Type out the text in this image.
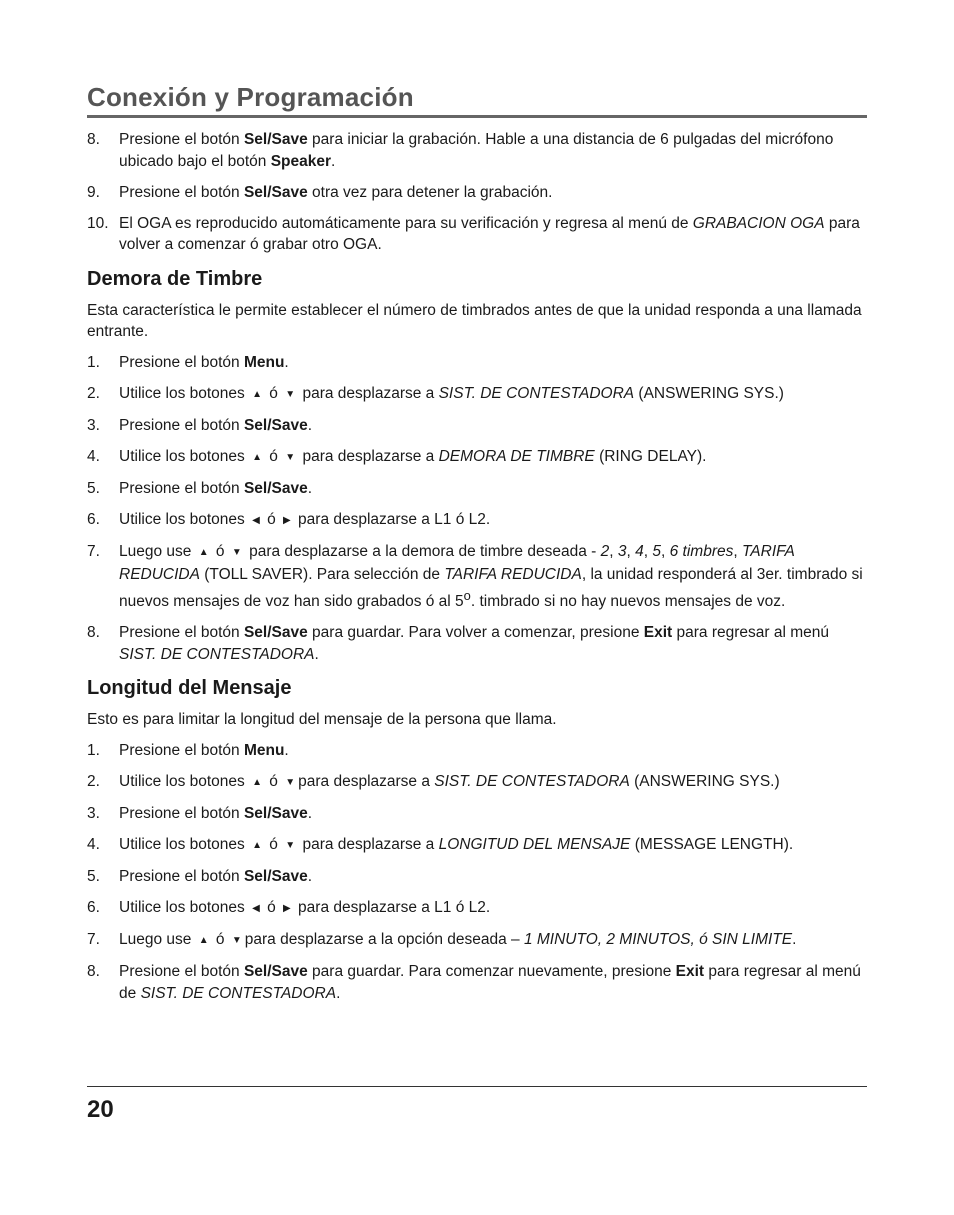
Conexión y Programación
8. Presione el botón Sel/Save para iniciar la grabación. Hable a una distancia de 6 pulgadas del micrófono ubicado bajo el botón Speaker.
9. Presione el botón Sel/Save otra vez para detener la grabación.
10. El OGA es reproducido automáticamente para su verificación y regresa al menú de GRABACION OGA para volver a comenzar ó grabar otro OGA.
Demora de Timbre

Esta característica le permite establecer el número de timbrados antes de que la unidad responda a una llamada entrante.

1. Presione el botón Menu.
2. Utilice los botones ▲ ó ▼ para desplazarse a SIST. DE CONTESTADORA (ANSWERING SYS.)
3. Presione el botón Sel/Save.
4. Utilice los botones ▲ ó ▼ para desplazarse a DEMORA DE TIMBRE (RING DELAY).
5. Presione el botón Sel/Save.
6. Utilice los botones ◀ ó ▶ para desplazarse a L1 ó L2.
7. Luego use ▲ ó ▼ para desplazarse a la demora de timbre deseada - 2, 3, 4, 5, 6 timbres, TARIFA REDUCIDA (TOLL SAVER). Para selección de TARIFA REDUCIDA, la unidad responderá al 3er. timbrado si nuevos mensajes de voz han sido grabados ó al 5$^o$. timbrado si no hay nuevos mensajes de voz.
8. Presione el botón Sel/Save para guardar. Para volver a comenzar, presione Exit para regresar al menú SIST. DE CONTESTADORA.
Longitud del Mensaje

Esto es para limitar la longitud del mensaje de la persona que llama.

1. Presione el botón Menu.
2. Utilice los botones ▲ ó ▼ para desplazarse a SIST. DE CONTESTADORA (ANSWERING SYS.)
3. Presione el botón Sel/Save.
4. Utilice los botones ▲ ó ▼ para desplazarse a LONGITUD DEL MENSAJE (MESSAGE LENGTH).
5. Presione el botón Sel/Save.
6. Utilice los botones ◀ ó ▶ para desplazarse a L1 ó L2.
7. Luego use ▲ ó ▼ para desplazarse a la opción deseada – 1 MINUTO, 2 MINUTOS, ó SIN LIMITE.
8. Presione el botón Sel/Save para guardar. Para comenzar nuevamente, presione Exit para regresar al menú de SIST. DE CONTESTADORA.
20
